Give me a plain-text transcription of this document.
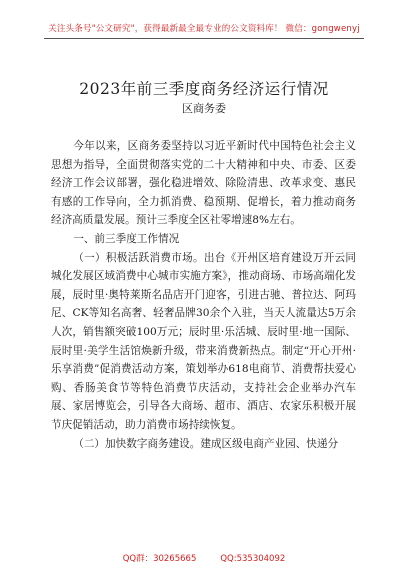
关注头条号"公文研究"，获得最新最全最专业的公文资料库！ 微信：gongwenyj
2023年前三季度商务经济运行情况
区商务委

今年以来，区商务委坚持以习近平新时代中国特色社会主义思想为指导，全面贯彻落实党的二十大精神和中央、市委、区委经济工作会议部署，强化稳进增效、除险清患、改革求变、惠民有感的工作导向，全力抓消费、稳预期、促增长，着力推动商务经济高质量发展。预计三季度全区社零增速8%左右。

一、前三季度工作情况

（一）积极活跃消费市场。出台《开州区培育建设万开云同城化发展区域消费中心城市实施方案》，推动商场、市场高端化发展，辰时里·奥特莱斯名品店开门迎客，引进古驰、普拉达、阿玛尼、CK等知名高奢、轻奢品牌30余个入驻，当天人流量达5万余人次，销售额突破100万元；辰时里·乐活城、辰时里·地一国际、辰时里·美学生活馆焕新升级，带来消费新热点。制定“开心开州·乐享消费”促消费活动方案，策划举办618电商节、消费帮扶爱心购、香肠美食节等特色消费节庆活动，支持社会企业举办汽车展、家居博览会，引导各大商场、超市、酒店、农家乐积极开展节庆促销活动，助力消费市场持续恢复。

（二）加快数字商务建设。建成区级电商产业园、快递分

QQ群：30265665	QQ:535304092
